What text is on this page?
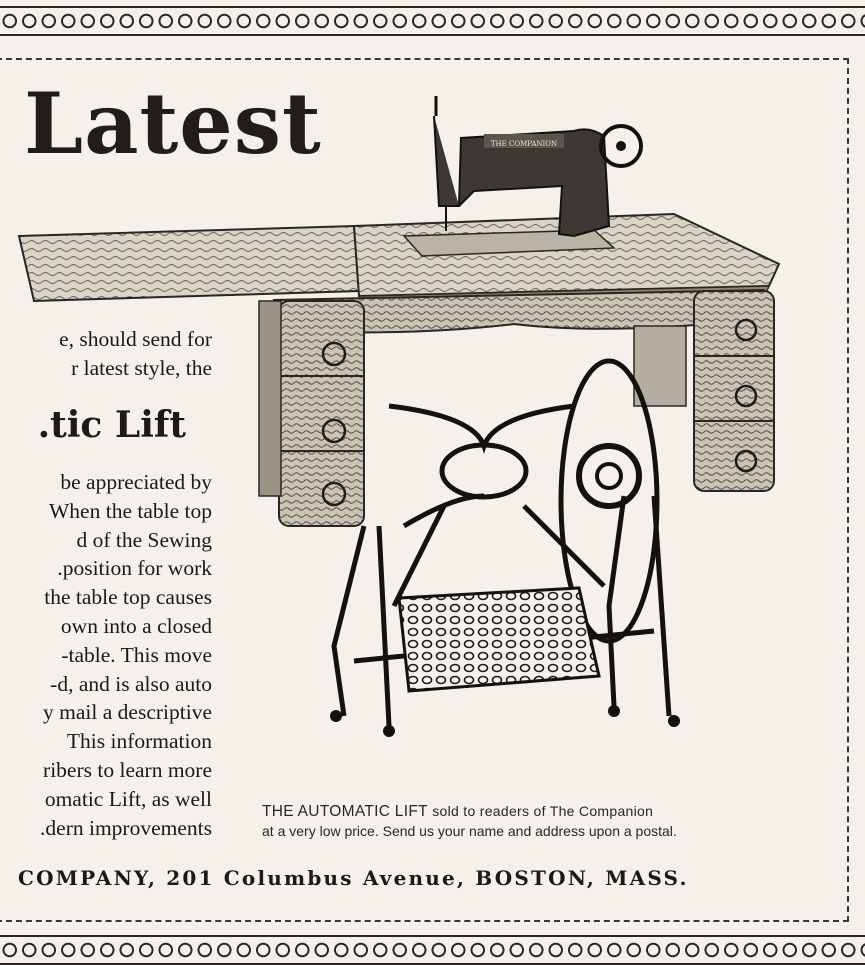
Latest
e, should send for
r latest style, the
tic Lift.
be appreciated by
When the table top
d of the Sewing
position for work.
the table top causes
own into a closed
table. This move-
d, and is also auto-
y mail a descriptive
This information
ribers to learn more
omatic Lift, as well
dern improvements.
THE COMPANION
THE AUTOMATIC LIFT sold to readers of The Companion
at a very low price. Send us your name and address upon a postal.
COMPANY, 201 Columbus Avenue, BOSTON, MASS.
